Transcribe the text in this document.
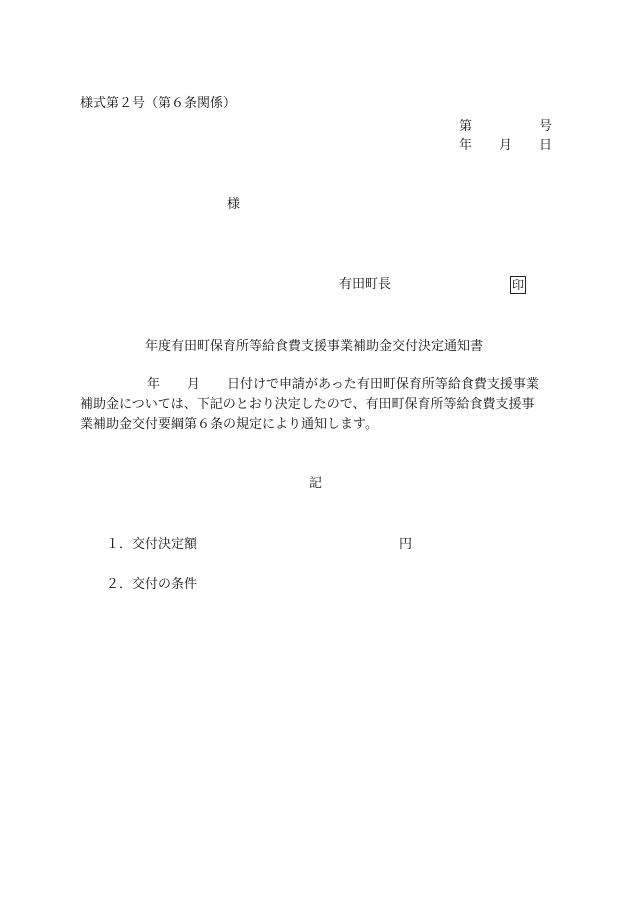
様式第２号（第６条関係）
第	号
年 月 日
様
有田町長	印
年度有田町保育所等給食費支援事業補助金交付決定通知書
年 月 日付けで申請があった有田町保育所等給食費支援事業
補助金については、下記のとおり決定したので、有田町保育所等給食費支援事
業補助金交付要綱第６条の規定により通知します。
記
１． 交付決定額	円
２． 交付の条件
